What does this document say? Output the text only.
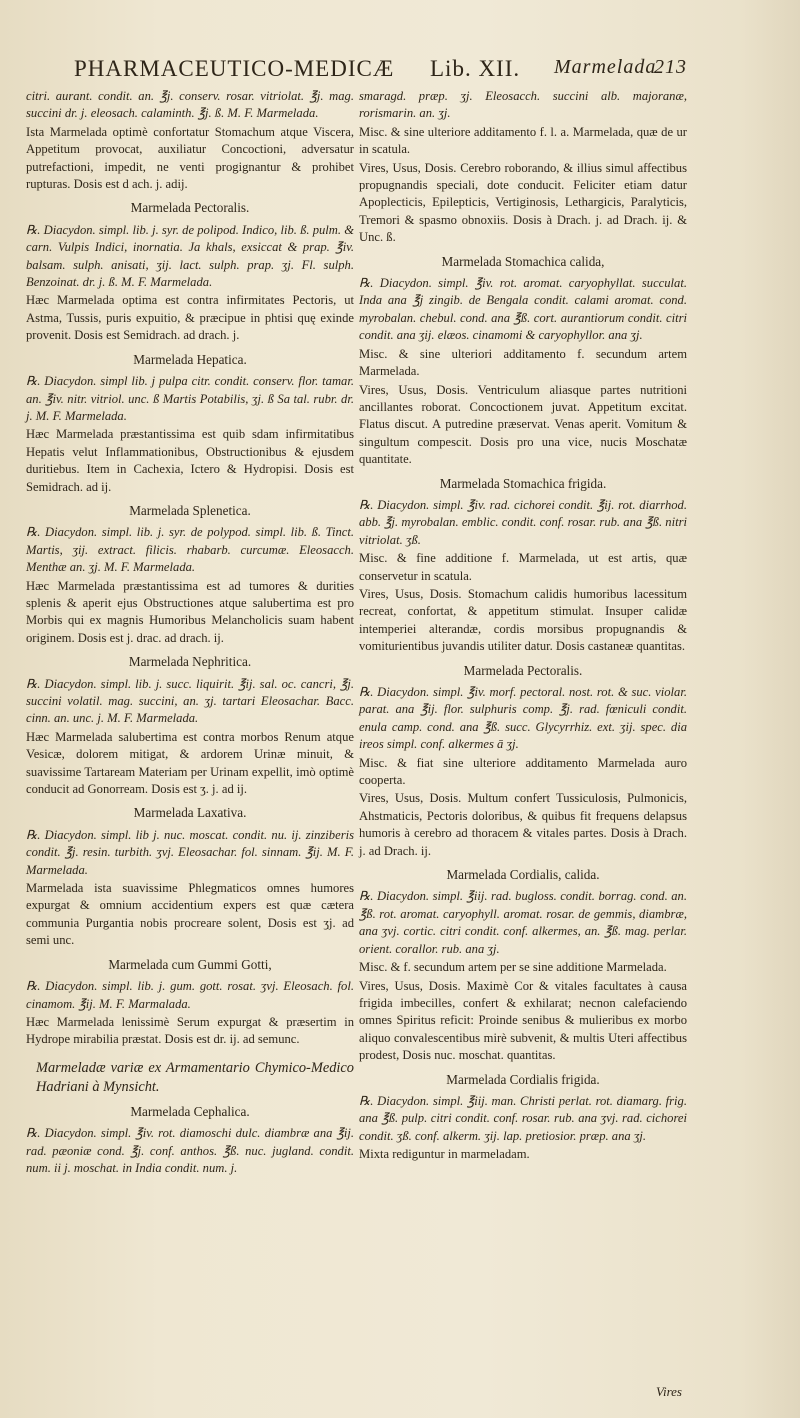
PHARMACEUTICO-MEDICÆ Lib. XII. Marmelada
213

citri. aurant. condit. an. ℥j. conserv. rosar. vitriolat. ℥j. mag. succini dr. j. eleosach. calaminth. ℥j. ß. M. F. Marmelada.

Ista Marmelada optimè confortatur Stomachum atque Viscera, Appetitum provocat, auxiliatur Concoctioni, adversatur putrefactioni, impedit, ne venti progignantur & prohibet rupturas. Dosis est d ach. j. adij.

Marmelada Pectoralis.

℞. Diacydon. simpl. lib. j. syr. de polipod. Indico, lib. ß. pulm. & carn. Vulpis Indici, inornatia. Ja khals, exsiccat & prap. ℥iv. balsam. sulph. anisati, ʒij. lact. sulph. prap. ʒj. Fl. sulph. Benzoinat. dr. j. ß. M. F. Marmelada.

Hæc Marmelada optima est contra infirmitates Pectoris, ut Astma, Tussis, puris expuitio, & præcipue in phtisi quę exinde provenit. Dosis est Semidrach. ad drach. j.

Marmelada Hepatica.

℞. Diacydon. simpl lib. j pulpa citr. condit. conserv. flor. tamar. an. ℥iv. nitr. vitriol. unc. ß Martis Potabilis, ʒj. ß Sa tal. rubr. dr. j. M. F. Marmelada.

Hæc Marmelada præstantissima est quib sdam infirmitatibus Hepatis velut Inflammationibus, Obstructionibus & ejusdem duritiebus. Item in Cachexia, Ictero & Hydropisi. Dosis est Semidrach. ad ij.

Marmelada Splenetica.

℞. Diacydon. simpl. lib. j. syr. de polypod. simpl. lib. ß. Tinct. Martis, ʒij. extract. filicis. rhabarb. curcumæ. Eleosacch. Menthæ an. ʒj. M. F. Marmelada.

Hæc Marmelada præstantissima est ad tumores & durities splenis & aperit ejus Obstructiones atque salubertima est pro Morbis qui ex magnis Humoribus Melancholicis suam habent originem. Dosis est j. drac. ad drach. ij.

Marmelada Nephritica.

℞. Diacydon. simpl. lib. j. succ. liquirit. ℥ij. sal. oc. cancri, ℥j. succini volatil. mag. succini, an. ʒj. tartari Eleosachar. Bacc. cinn. an. unc. j. M. F. Marmelada.

Hæc Marmelada salubertima est contra morbos Renum atque Vesicæ, dolorem mitigat, & ardorem Urinæ minuit, & suavissime Tartaream Materiam per Urinam expellit, imò optimè conducit ad Gonorream. Dosis est ʒ. j. ad ij.

Marmelada Laxativa.

℞. Diacydon. simpl. lib j. nuc. moscat. condit. nu. ij. zinziberis condit. ℥j. resin. turbith. ʒvj. Eleosachar. fol. sinnam. ℥ij. M. F. Marmelada.

Marmelada ista suavissime Phlegmaticos omnes humores expurgat & omnium accidentium expers est quæ cætera communia Purgantia nobis procreare solent, Dosis est ʒj. ad semi unc.

Marmelada cum Gummi Gotti,

℞. Diacydon. simpl. lib. j. gum. gott. rosat. ʒvj. Eleosach. fol. cinamom. ℥ij. M. F. Marmalada.

Hæc Marmelada lenissimè Serum expurgat & præsertim in Hydrope mirabilia præstat. Dosis est dr. ij. ad semunc.

Marmeladæ variæ ex Armamentario Chymico-Medico Hadriani à Mynsicht.

Marmelada Cephalica.

℞. Diacydon. simpl. ℥iv. rot. diamoschi dulc. diambræ ana ℥ij. rad. pæoniæ cond. ℥j. conf. anthos. ℥ß. nuc. jugland. condit. num. ii j. moschat. in India condit. num. j.

smaragd. præp. ʒj. Eleosacch. succini alb. majoranæ, rorismarin. an. ʒj.

Misc. & sine ulteriore additamento f. l. a. Marmelada, quæ de ur in scatula.

Vires, Usus, Dosis. Cerebro roborando, & illius simul affectibus propugnandis speciali, dote conducit. Feliciter etiam datur Apoplecticis, Epilepticis, Vertiginosis, Lethargicis, Paralyticis, Tremori & spasmo obnoxiis. Dosis à Drach. j. ad Drach. ij. & Unc. ß.

Marmelada Stomachica calida,

℞. Diacydon. simpl. ℥iv. rot. aromat. caryophyllat. succulat. Inda ana ℥j zingib. de Bengala condit. calami aromat. cond. myrobalan. chebul. cond. ana ℥ß. cort. aurantiorum condit. citri condit. ana ʒij. elæos. cinamomi & caryophyllor. ana ʒj.

Misc. & sine ulteriori additamento f. secundum artem Marmelada.

Vires, Usus, Dosis. Ventriculum aliasque partes nutritioni ancillantes roborat. Concoctionem juvat. Appetitum excitat. Flatus discut. A putredine præservat. Venas aperit. Vomitum & singultum compescit. Dosis pro una vice, nucis Moschatæ quantitate.

Marmelada Stomachica frigida.

℞. Diacydon. simpl. ℥iv. rad. cichorei condit. ℥ij. rot. diarrhod. abb. ℥j. myrobalan. emblic. condit. conf. rosar. rub. ana ℥ß. nitri vitriolat. ʒß.

Misc. & fine additione f. Marmelada, ut est artis, quæ conservetur in scatula.

Vires, Usus, Dosis. Stomachum calidis humoribus lacessitum recreat, confortat, & appetitum stimulat. Insuper calidæ intemperiei alterandæ, cordis morsibus propugnandis & vomiturientibus juvandis utiliter datur. Dosis castaneæ quantitas.

Marmelada Pectoralis.

℞. Diacydon. simpl. ℥iv. morf. pectoral. nost. rot. & suc. violar. parat. ana ℥ij. flor. sulphuris comp. ℥j. rad. fœniculi condit. enula camp. cond. ana ℥ß. succ. Glycyrrhiz. ext. ʒij. spec. dia ireos simpl. conf. alkermes ā ʒj.

Misc. & fiat sine ulteriore additamento Marmelada auro cooperta.

Vires, Usus, Dosis. Multum confert Tussiculosis, Pulmonicis, Ahstmaticis, Pectoris doloribus, & quibus fit frequens delapsus humoris à cerebro ad thoracem & vitales partes. Dosis à Drach. j. ad Drach. ij.

Marmelada Cordialis, calida.

℞. Diacydon. simpl. ℥iij. rad. bugloss. condit. borrag. cond. an. ℥ß. rot. aromat. caryophyll. aromat. rosar. de gemmis, diambræ, ana ʒvj. cortic. citri condit. conf. alkermes, an. ℥ß. mag. perlar. orient. corallor. rub. ana ʒj.

Misc. & f. secundum artem per se sine additione Marmelada.

Vires, Usus, Dosis. Maximè Cor & vitales facultates à causa frigida imbecilles, confert & exhilarat; necnon calefaciendo omnes Spiritus reficit: Proinde senibus & mulieribus ex morbo aliquo convalescentibus mirè subvenit, & multis Uteri affectibus prodest, Dosis nuc. moschat. quantitas.

Marmelada Cordialis frigida.

℞. Diacydon. simpl. ℥iij. man. Christi perlat. rot. diamarg. frig. ana ℥ß. pulp. citri condit. conf. rosar. rub. ana ʒvj. rad. cichorei condit. ʒß. conf. alkerm. ʒij. lap. pretiosior. præp. ana ʒj.

Mixta rediguntur in marmeladam.

Vires
